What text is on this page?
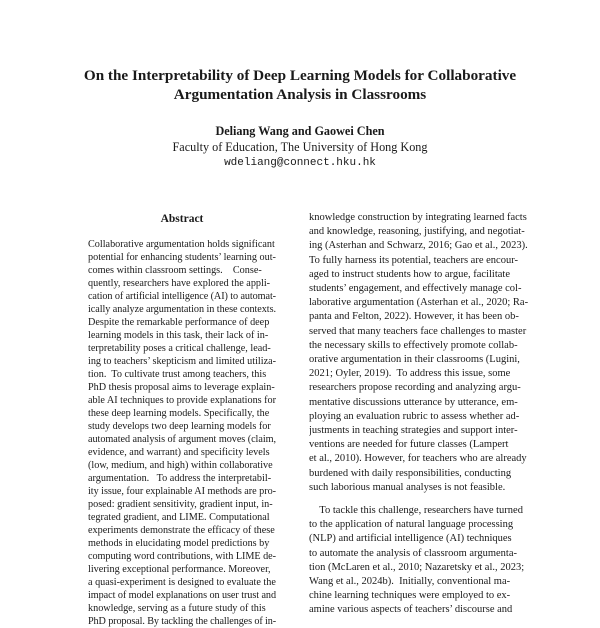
On the Interpretability of Deep Learning Models for Collaborative
Argumentation Analysis in Classrooms
Deliang Wang and Gaowei Chen
Faculty of Education, The University of Hong Kong
wdeliang@connect.hku.hk
Abstract
Collaborative argumentation holds significant
potential for enhancing students’ learning out-
comes within classroom settings.    Conse-
quently, researchers have explored the appli-
cation of artificial intelligence (AI) to automat-
ically analyze argumentation in these contexts.
Despite the remarkable performance of deep
learning models in this task, their lack of in-
terpretability poses a critical challenge, lead-
ing to teachers’ skepticism and limited utiliza-
tion.  To cultivate trust among teachers, this
PhD thesis proposal aims to leverage explain-
able AI techniques to provide explanations for
these deep learning models. Specifically, the
study develops two deep learning models for
automated analysis of argument moves (claim,
evidence, and warrant) and specificity levels
(low, medium, and high) within collaborative
argumentation.   To address the interpretabil-
ity issue, four explainable AI methods are pro-
posed: gradient sensitivity, gradient input, in-
tegrated gradient, and LIME. Computational
experiments demonstrate the efficacy of these
methods in elucidating model predictions by
computing word contributions, with LIME de-
livering exceptional performance. Moreover,
a quasi-experiment is designed to evaluate the
impact of model explanations on user trust and
knowledge, serving as a future study of this
PhD proposal. By tackling the challenges of in-
knowledge construction by integrating learned facts
and knowledge, reasoning, justifying, and negotiat-
ing (Asterhan and Schwarz, 2016; Gao et al., 2023).
To fully harness its potential, teachers are encour-
aged to instruct students how to argue, facilitate
students’ engagement, and effectively manage col-
laborative argumentation (Asterhan et al., 2020; Ra-
panta and Felton, 2022). However, it has been ob-
served that many teachers face challenges to master
the necessary skills to effectively promote collab-
orative argumentation in their classrooms (Lugini,
2021; Oyler, 2019).  To address this issue, some
researchers propose recording and analyzing argu-
mentative discussions utterance by utterance, em-
ploying an evaluation rubric to assess whether ad-
justments in teaching strategies and support inter-
ventions are needed for future classes (Lampert
et al., 2010). However, for teachers who are already
burdened with daily responsibilities, conducting
such laborious manual analyses is not feasible.
To tackle this challenge, researchers have turned
to the application of natural language processing
(NLP) and artificial intelligence (AI) techniques
to automate the analysis of classroom argumenta-
tion (McLaren et al., 2010; Nazaretsky et al., 2023;
Wang et al., 2024b).  Initially, conventional ma-
chine learning techniques were employed to ex-
amine various aspects of teachers’ discourse and
